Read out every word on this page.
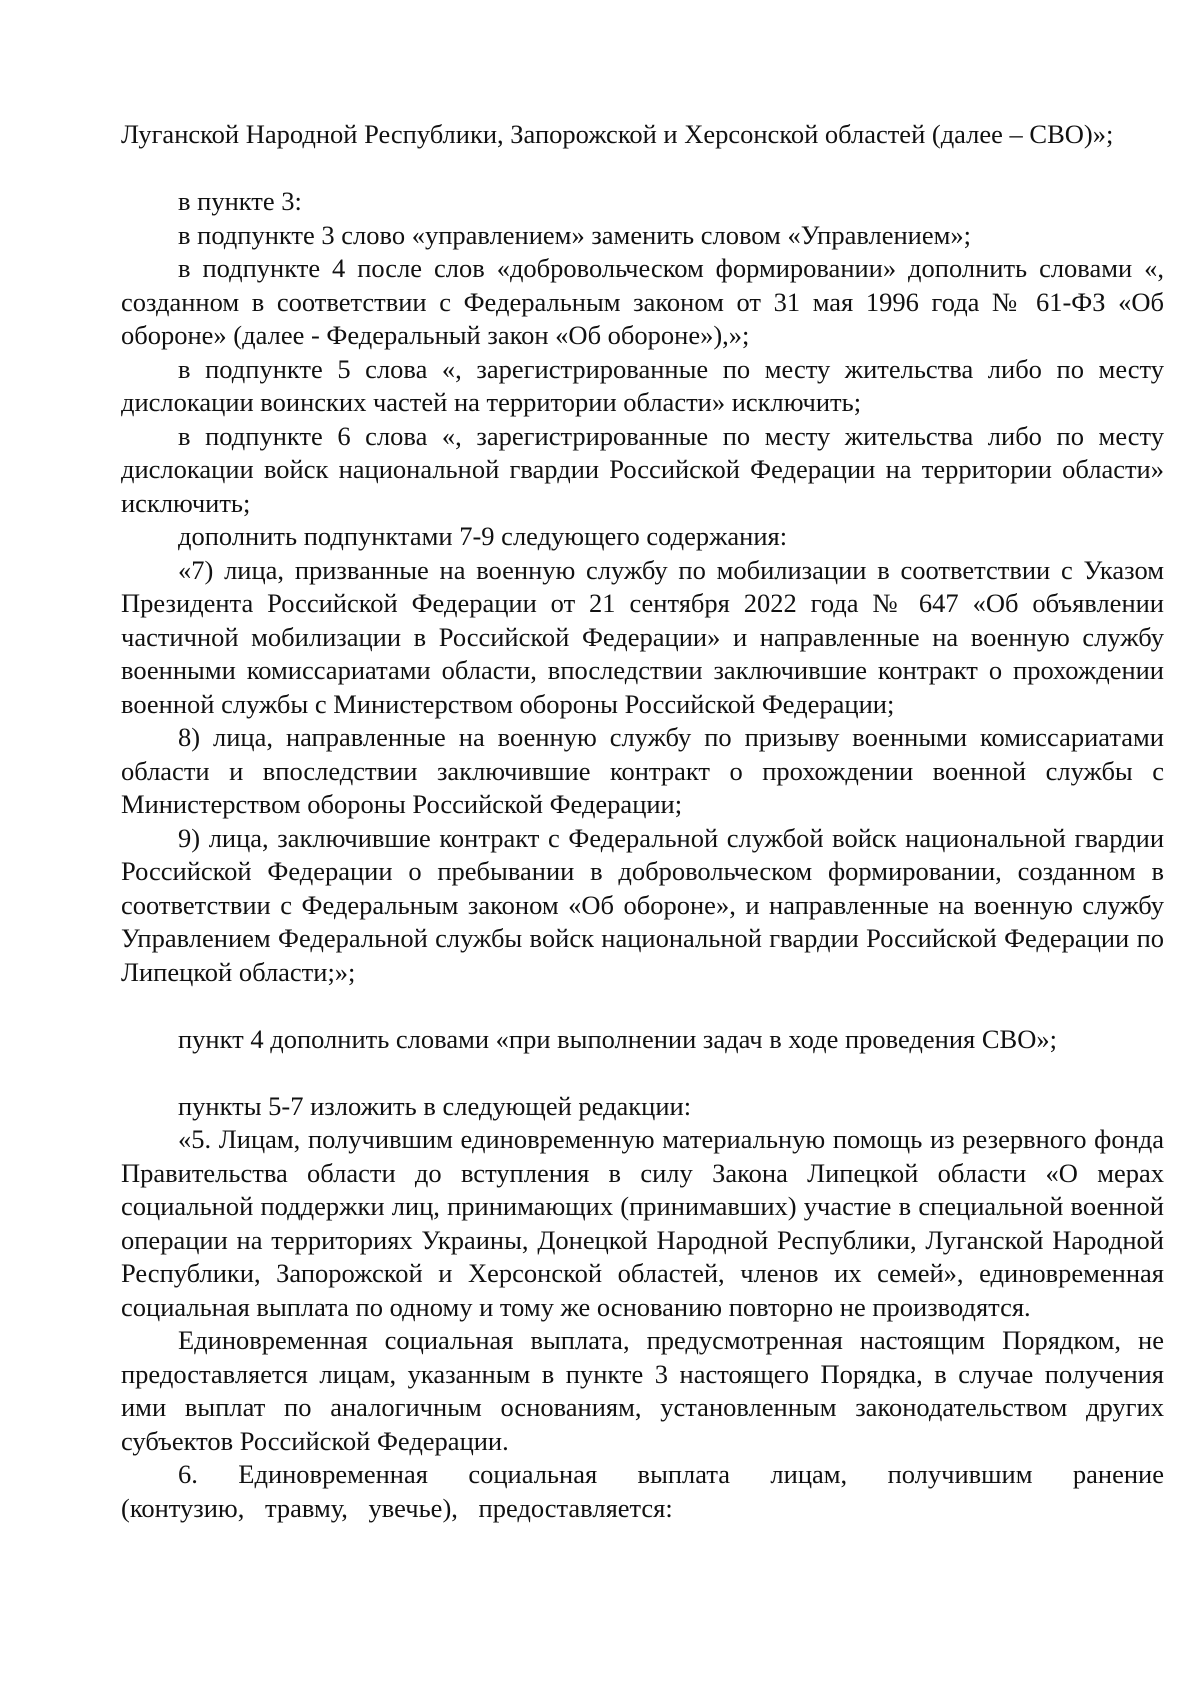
Луганской Народной Республики, Запорожской и Херсонской областей (далее – СВО)»;

в пункте 3:

в подпункте 3 слово «управлением» заменить словом «Управлением»;

в подпункте 4 после слов «добровольческом формировании» дополнить словами «, созданном в соответствии с Федеральным законом от 31 мая 1996 года № 61-ФЗ «Об обороне» (далее - Федеральный закон «Об обороне»),»;

в подпункте 5 слова «, зарегистрированные по месту жительства либо по месту дислокации воинских частей на территории области» исключить;

в подпункте 6 слова «, зарегистрированные по месту жительства либо по месту дислокации войск национальной гвардии Российской Федерации на территории области» исключить;

дополнить подпунктами 7-9 следующего содержания:

«7) лица, призванные на военную службу по мобилизации в соответствии с Указом Президента Российской Федерации от 21 сентября 2022 года № 647 «Об объявлении частичной мобилизации в Российской Федерации» и направленные на военную службу военными комиссариатами области, впоследствии заключившие контракт о прохождении военной службы с Министерством обороны Российской Федерации;

8) лица, направленные на военную службу по призыву военными комиссариатами области и впоследствии заключившие контракт о прохождении военной службы с Министерством обороны Российской Федерации;

9) лица, заключившие контракт с Федеральной службой войск национальной гвардии Российской Федерации о пребывании в добровольческом формировании, созданном в соответствии с Федеральным законом «Об обороне», и направленные на военную службу Управлением Федеральной службы войск национальной гвардии Российской Федерации по Липецкой области;»;

пункт 4 дополнить словами «при выполнении задач в ходе проведения СВО»;

пункты 5-7 изложить в следующей редакции:

«5. Лицам, получившим единовременную материальную помощь из резервного фонда Правительства области до вступления в силу Закона Липецкой области «О мерах социальной поддержки лиц, принимающих (принимавших) участие в специальной военной операции на территориях Украины, Донецкой Народной Республики, Луганской Народной Республики, Запорожской и Херсонской областей, членов их семей», единовременная социальная выплата по одному и тому же основанию повторно не производятся.

Единовременная социальная выплата, предусмотренная настоящим Порядком, не предоставляется лицам, указанным в пункте 3 настоящего Порядка, в случае получения ими выплат по аналогичным основаниям, установленным законодательством других субъектов Российской Федерации.

6. Единовременная социальная выплата лицам, получившим ранение (контузию, травму, увечье), предоставляется:
